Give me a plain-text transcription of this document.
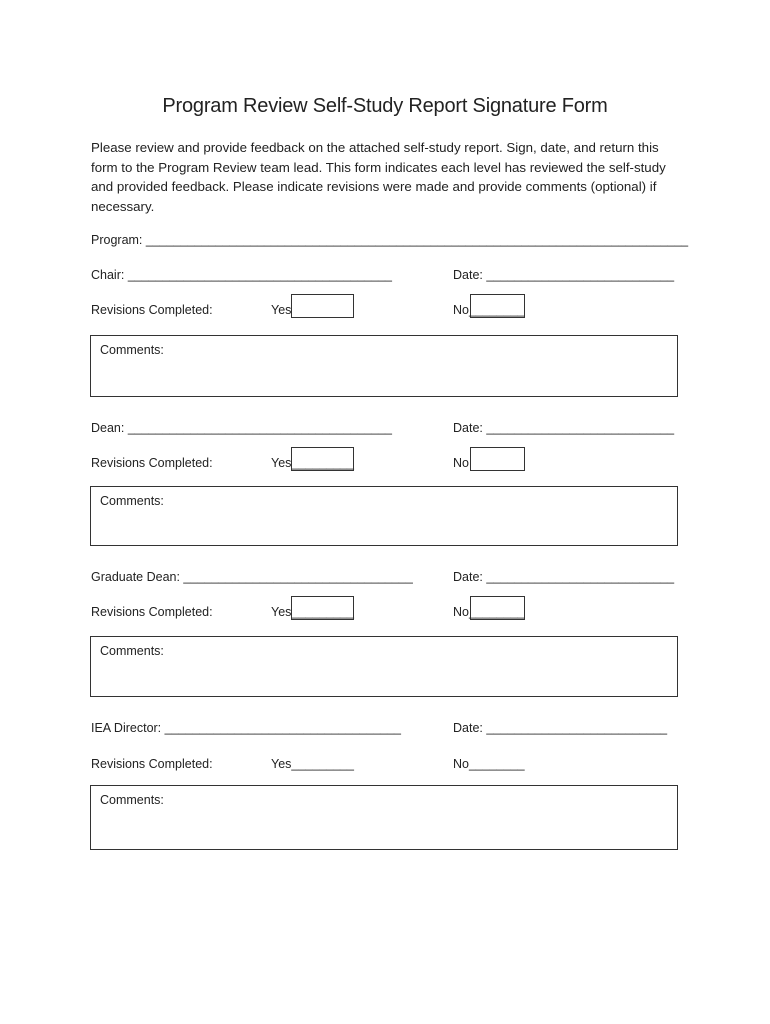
Program Review Self-Study Report Signature Form
Please review and provide feedback on the attached self-study report. Sign, date, and return this form to the Program Review team lead. This form indicates each level has reviewed the self-study and provided feedback. Please indicate revisions were made and provide comments (optional) if necessary.
Program: ______________________________________________________________________________
Chair: ______________________________________	Date: ___________________________
Revisions Completed:	Yes	No________
Comments:
Dean: ______________________________________	Date: ___________________________
Revisions Completed:	Yes_________	No
Comments:
Graduate Dean: _________________________________	Date: ___________________________
Revisions Completed:	Yes_________	No________
Comments:
IEA Director: __________________________________	Date: __________________________
Revisions Completed:	Yes_________	No________
Comments:
